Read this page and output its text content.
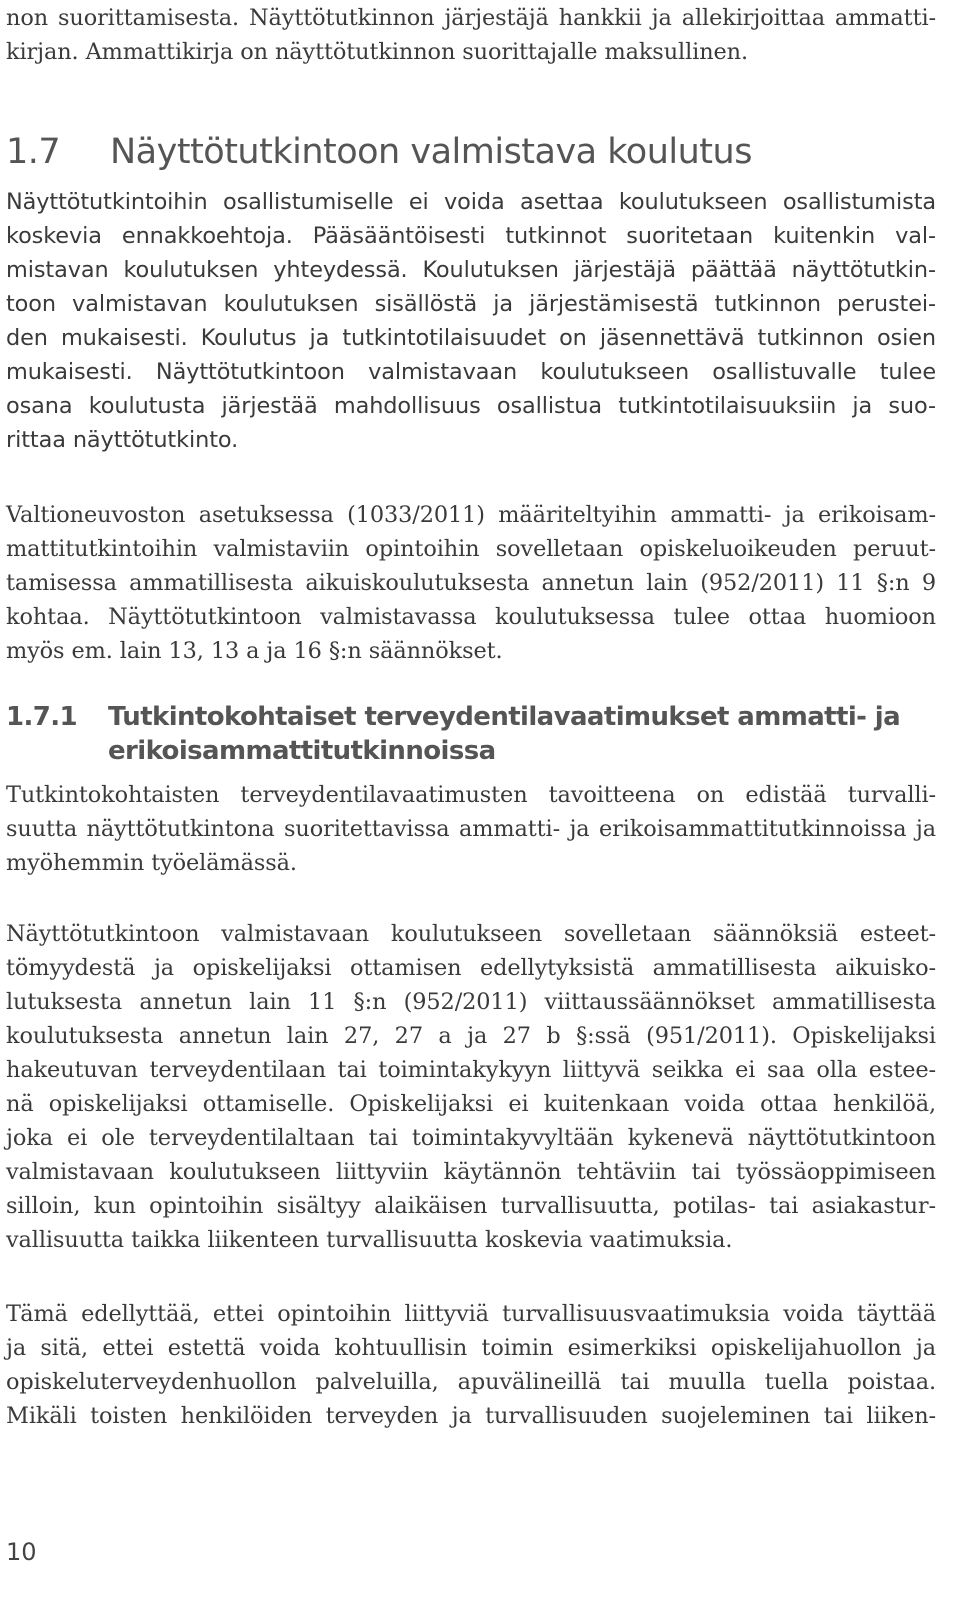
non suorittamisesta. Näyttötutkinnon järjestäjä hankkii ja allekirjoittaa ammatti-
kirjan. Ammattikirja on näyttötutkinnon suorittajalle maksullinen.
1.7 Näyttötutkintoon valmistava koulutus
Näyttötutkintoihin osallistumiselle ei voida asettaa koulutukseen osallistumista
koskevia ennakkoehtoja. Pääsääntöisesti tutkinnot suoritetaan kuitenkin val-
mistavan koulutuksen yhteydessä. Koulutuksen järjestäjä päättää näyttötutkin-
toon valmistavan koulutuksen sisällöstä ja järjestämisestä tutkinnon perustei-
den mukaisesti. Koulutus ja tutkintotilaisuudet on jäsennettävä tutkinnon osien
mukaisesti. Näyttötutkintoon valmistavaan koulutukseen osallistuvalle tulee
osana koulutusta järjestää mahdollisuus osallistua tutkintotilaisuuksiin ja suo-
rittaa näyttötutkinto.
Valtioneuvoston asetuksessa (1033/2011) määriteltyihin ammatti- ja erikoisam-
mattitutkintoihin valmistaviin opintoihin sovelletaan opiskeluoikeuden peruut-
tamisessa ammatillisesta aikuiskoulutuksesta annetun lain (952/2011) 11 §:n 9
kohtaa. Näyttötutkintoon valmistavassa koulutuksessa tulee ottaa huomioon
myös em. lain 13, 13 a ja 16 §:n säännökset.
1.7.1 Tutkintokohtaiset terveydentilavaatimukset ammatti- ja
erikoisammattitutkinnoissa
Tutkintokohtaisten terveydentilavaatimusten tavoitteena on edistää turvalli-
suutta näyttötutkintona suoritettavissa ammatti- ja erikoisammattitutkinnoissa ja
myöhemmin työelämässä.
Näyttötutkintoon valmistavaan koulutukseen sovelletaan säännöksiä esteet-
tömyydestä ja opiskelijaksi ottamisen edellytyksistä ammatillisesta aikuisko-
lutuksesta annetun lain 11 §:n (952/2011) viittaussäännökset ammatillisesta
koulutuksesta annetun lain 27, 27 a ja 27 b §:ssä (951/2011). Opiskelijaksi
hakeutuvan terveydentilaan tai toimintakykyyn liittyvä seikka ei saa olla estee-
nä opiskelijaksi ottamiselle. Opiskelijaksi ei kuitenkaan voida ottaa henkilöä,
joka ei ole terveydentilaltaan tai toimintakyvyltään kykenevä näyttötutkintoon
valmistavaan koulutukseen liittyviin käytännön tehtäviin tai työssäoppimiseen
silloin, kun opintoihin sisältyy alaikäisen turvallisuutta, potilas- tai asiakastur-
vallisuutta taikka liikenteen turvallisuutta koskevia vaatimuksia.
Tämä edellyttää, ettei opintoihin liittyviä turvallisuusvaatimuksia voida täyttää
ja sitä, ettei estettä voida kohtuullisin toimin esimerkiksi opiskelijahuollon ja
opiskeluterveydenhuollon palveluilla, apuvälineillä tai muulla tuella poistaa.
Mikäli toisten henkilöiden terveyden ja turvallisuuden suojeleminen tai liiken-
10
